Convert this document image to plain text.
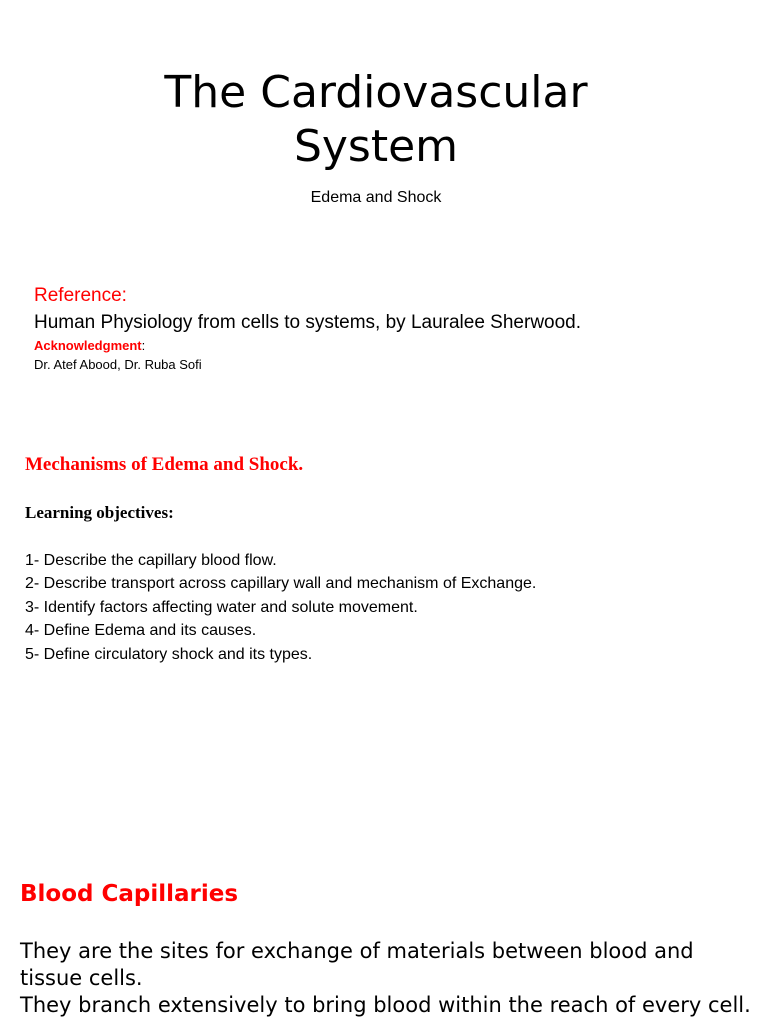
The Cardiovascular System
Edema and Shock
Reference:
Human Physiology from cells to systems, by Lauralee Sherwood.
Acknowledgment:
Dr. Atef Abood, Dr. Ruba Sofi
Mechanisms of Edema and Shock.
Learning objectives:
1- Describe the capillary blood flow.
2- Describe transport across capillary wall and mechanism of Exchange.
3- Identify factors affecting water and solute movement.
4- Define Edema and its causes.
5- Define circulatory shock and its types.
Blood Capillaries

They are the sites for exchange of materials between blood and tissue cells.

They branch extensively to bring blood within the reach of every cell.
